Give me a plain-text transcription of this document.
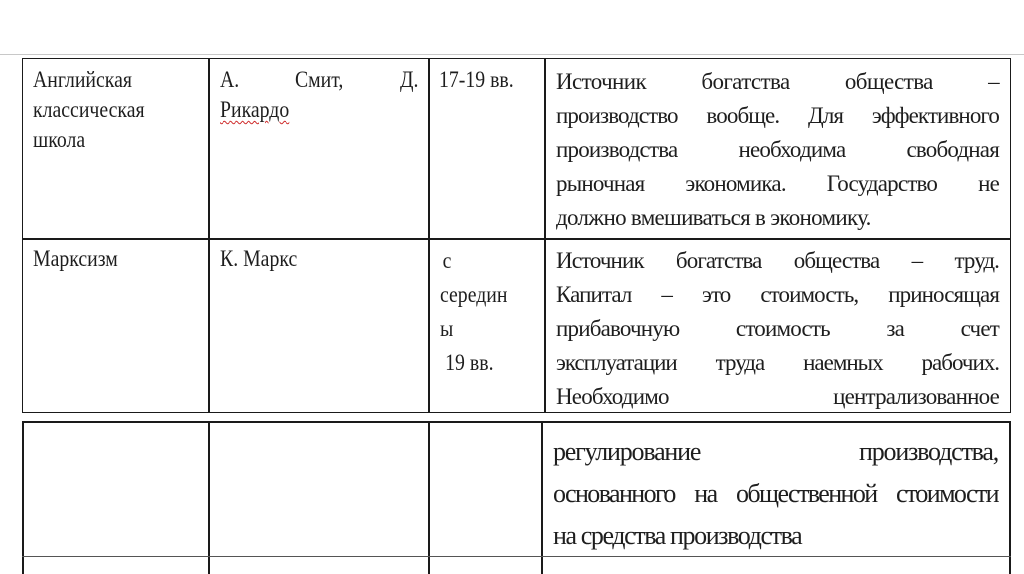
Английская
классическая
школа
А. Смит, Д.
Рикардо
17-19 вв. Источник богатства общества –
производство вообще. Для эффективного
производства необходима свободная
рыночная экономика. Государство не
должно вмешиваться в экономику.
Марксизм	К. Маркс	с
середин
ы
19 вв.
Источник богатства общества – труд.
Капитал – это стоимость, приносящая
прибавочную стоимость за счет
эксплуатации труда наемных рабочих.
Необходимо централизованное
регулирование производства,
основанного на общественной стоимости
на средства производства
